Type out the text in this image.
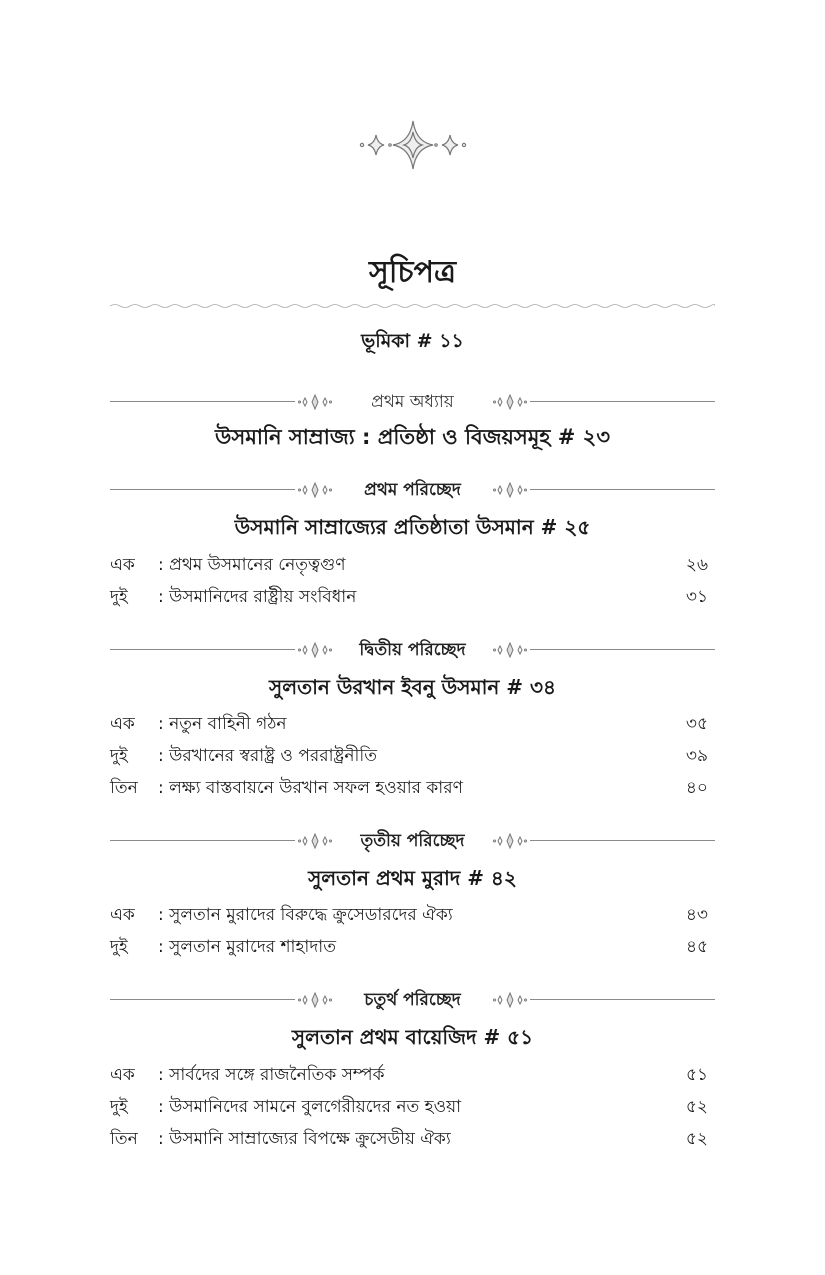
সূচিপত্র
ভূমিকা # ১১
প্রথম অধ্যায়
উসমানি সাম্রাজ্য : প্রতিষ্ঠা ও বিজয়সমূহ # ২৩
প্রথম পরিচ্ছেদ
উসমানি সাম্রাজ্যের প্রতিষ্ঠাতা উসমান # ২৫
এক : প্রথম উসমানের নেতৃত্বগুণ	২৬
দুই : উসমানিদের রাষ্ট্রীয় সংবিধান	৩১
দ্বিতীয় পরিচ্ছেদ
সুলতান উরখান ইবনু উসমান # ৩৪
এক : নতুন বাহিনী গঠন	৩৫
দুই : উরখানের স্বরাষ্ট্র ও পররাষ্ট্রনীতি	৩৯
তিন : লক্ষ্য বাস্তবায়নে উরখান সফল হওয়ার কারণ	৪০
তৃতীয় পরিচ্ছেদ
সুলতান প্রথম মুরাদ # ৪২
এক : সুলতান মুরাদের বিরুদ্ধে ক্রুসেডারদের ঐক্য	৪৩
দুই : সুলতান মুরাদের শাহাদাত	৪৫
চতুর্থ পরিচ্ছেদ
সুলতান প্রথম বায়েজিদ # ৫১
এক : সার্বদের সঙ্গে রাজনৈতিক সম্পর্ক	৫১
দুই : উসমানিদের সামনে বুলগেরীয়দের নত হওয়া	৫২
তিন : উসমানি সাম্রাজ্যের বিপক্ষে ক্রুসেডীয় ঐক্য	৫২
